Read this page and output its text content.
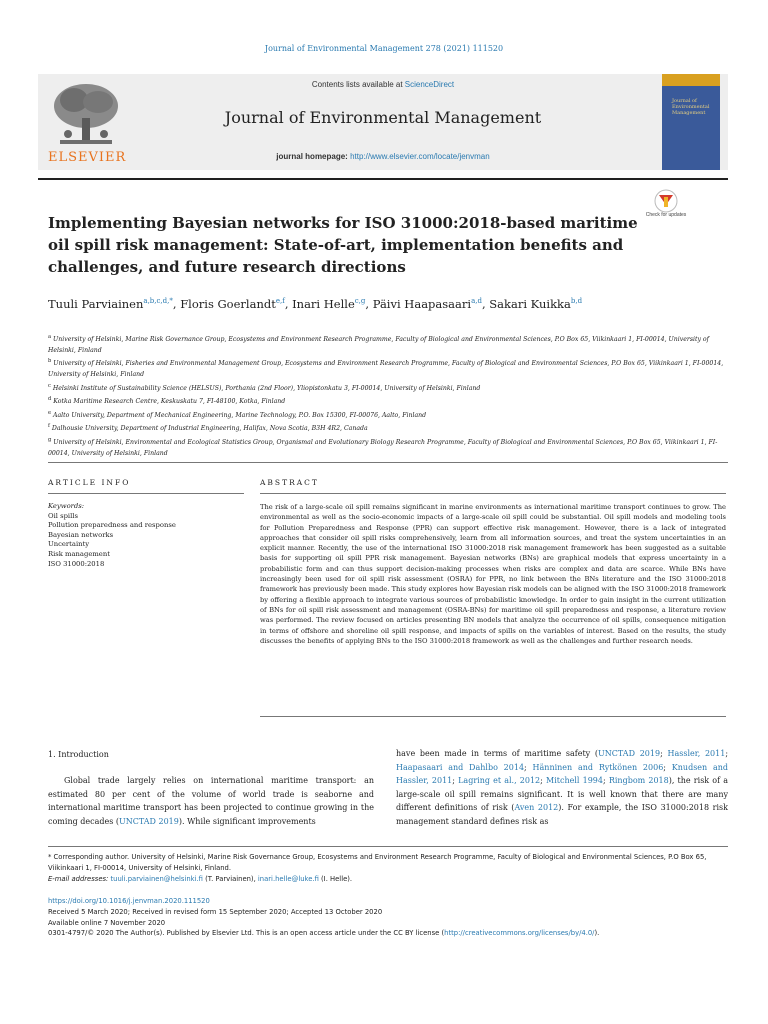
Journal of Environmental Management 278 (2021) 111520
ELSEVIER
Contents lists available at ScienceDirect
Journal of Environmental Management
journal homepage: http://www.elsevier.com/locate/jenvman
Journal of Environmental Management
Implementing Bayesian networks for ISO 31000:2018-based maritime oil spill risk management: State-of-art, implementation benefits and challenges, and future research directions
Check for updates
Tuuli Parviainen$^{a,b,c,d,*}$, Floris Goerlandt$^{e,f}$, Inari Helle$^{c,g}$, Päivi Haapasaari$^{a,d}$, Sakari Kuikka$^{b,d}$
$^a$ University of Helsinki, Marine Risk Governance Group, Ecosystems and Environment Research Programme, Faculty of Biological and Environmental Sciences, P.O Box 65, Viikinkaari 1, FI-00014, University of Helsinki, Finland
$^b$ University of Helsinki, Fisheries and Environmental Management Group, Ecosystems and Environment Research Programme, Faculty of Biological and Environmental Sciences, P.O Box 65, Viikinkaari 1, FI-00014, University of Helsinki, Finland
$^c$ Helsinki Institute of Sustainability Science (HELSUS), Porthania (2nd Floor), Yliopistonkatu 3, FI-00014, University of Helsinki, Finland
$^d$ Kotka Maritime Research Centre, Keskuskatu 7, FI-48100, Kotka, Finland
$^e$ Aalto University, Department of Mechanical Engineering, Marine Technology, P.O. Box 15300, FI-00076, Aalto, Finland
$^f$ Dalhousie University, Department of Industrial Engineering, Halifax, Nova Scotia, B3H 4R2, Canada
$^g$ University of Helsinki, Environmental and Ecological Statistics Group, Organismal and Evolutionary Biology Research Programme, Faculty of Biological and Environmental Sciences, P.O Box 65, Viikinkaari 1, FI-00014, University of Helsinki, Finland
ARTICLE INFO	ABSTRACT
Keywords:
Oil spills
Pollution preparedness and response
Bayesian networks
Uncertainty
Risk management
ISO 31000:2018
The risk of a large-scale oil spill remains significant in marine environments as international maritime transport continues to grow. The environmental as well as the socio-economic impacts of a large-scale oil spill could be substantial. Oil spill models and modeling tools for Pollution Preparedness and Response (PPR) can support effective risk management. However, there is a lack of integrated approaches that consider oil spill risks comprehensively, learn from all information sources, and treat the system uncertainties in an explicit manner. Recently, the use of the international ISO 31000:2018 risk management framework has been suggested as a suitable basis for supporting oil spill PPR risk management. Bayesian networks (BNs) are graphical models that express uncertainty in a probabilistic form and can thus support decision-making processes when risks are complex and data are scarce. While BNs have increasingly been used for oil spill risk assessment (OSRA) for PPR, no link between the BNs literature and the ISO 31000:2018 framework has previously been made. This study explores how Bayesian risk models can be aligned with the ISO 31000:2018 framework by offering a flexible approach to integrate various sources of probabilistic knowledge. In order to gain insight in the current utilization of BNs for oil spill risk assessment and management (OSRA-BNs) for maritime oil spill preparedness and response, a literature review was performed. The review focused on articles presenting BN models that analyze the occurrence of oil spills, consequence mitigation in terms of offshore and shoreline oil spill response, and impacts of spills on the variables of interest. Based on the results, the study discusses the benefits of applying BNs to the ISO 31000:2018 framework as well as the challenges and further research needs.
1. Introduction

Global trade largely relies on international maritime transport: an estimated 80 per cent of the volume of world trade is seaborne and international maritime transport has been projected to continue growing in the coming decades (UNCTAD 2019). While significant improvements

have been made in terms of maritime safety (UNCTAD 2019; Hassler, 2011; Haapasaari and Dahlbo 2014; Hänninen and Rytkönen 2006; Knudsen and Hassler, 2011; Lagring et al., 2012; Mitchell 1994; Ringbom 2018), the risk of a large-scale oil spill remains significant. It is well known that there are many different definitions of risk (Aven 2012). For example, the ISO 31000:2018 risk management standard defines risk as

* Corresponding author. University of Helsinki, Marine Risk Governance Group, Ecosystems and Environment Research Programme, Faculty of Biological and Environmental Sciences, P.O Box 65, Viikinkaari 1, FI-00014, University of Helsinki, Finland.

E-mail addresses: tuuli.parviainen@helsinki.fi (T. Parviainen), inari.helle@luke.fi (I. Helle).

https://doi.org/10.1016/j.jenvman.2020.111520

Received 5 March 2020; Received in revised form 15 September 2020; Accepted 13 October 2020

Available online 7 November 2020

0301-4797/© 2020 The Author(s). Published by Elsevier Ltd. This is an open access article under the CC BY license (http://creativecommons.org/licenses/by/4.0/).
